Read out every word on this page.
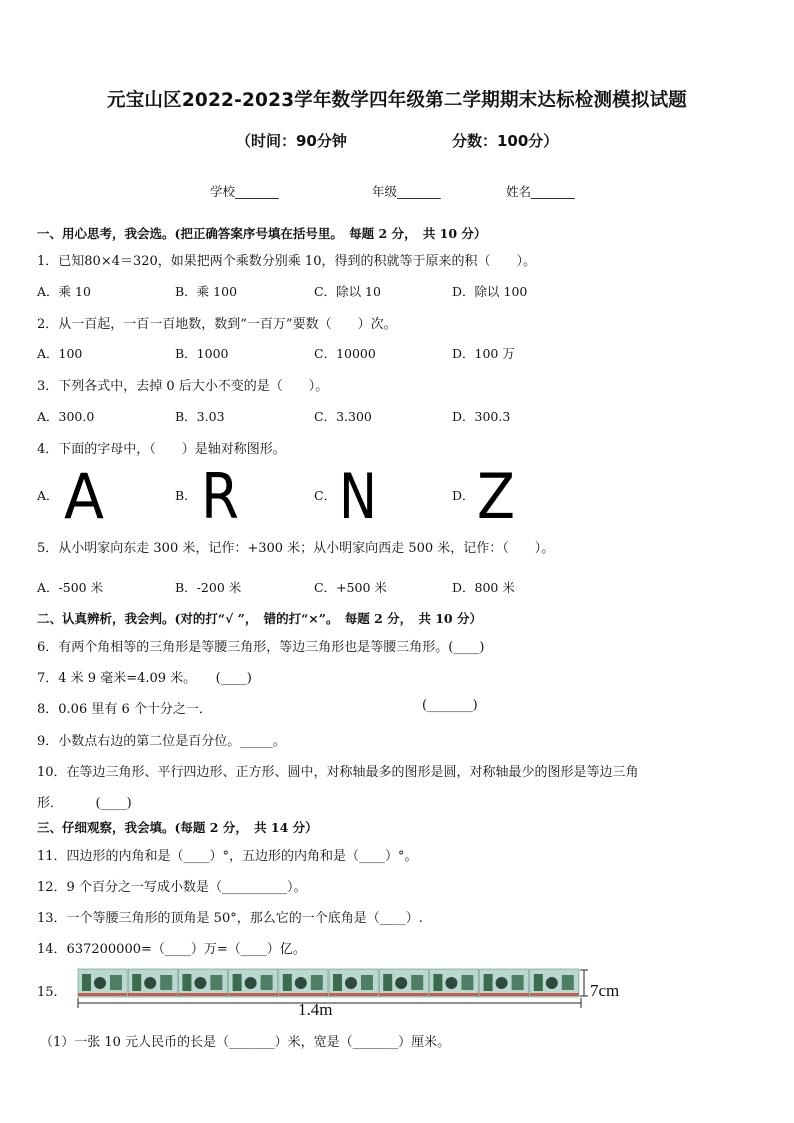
元宝山区2022-2023学年数学四年级第二学期期末达标检测模拟试题
（时间：90分钟	分数：100分）
学校_______	年级_______	姓名_______
一、用心思考，我会选。(把正确答案序号填在括号里。　每题 2 分，　共 10 分）
1．已知80×4＝320，如果把两个乘数分别乘 10，得到的积就等于原来的积（　　）。
A．乘 10	B．乘 100	C．除以 10	D．除以 100
2．从一百起，一百一百地数，数到“一百万”要数（　　）次。
A．100	B．1000	C．10000	D．100 万
3．下列各式中，去掉 0 后大小不变的是（　　）。
A．300.0	B．3.03	C．3.300	D．300.3
4．下面的字母中，（　　）是轴对称图形。
A．	B．	C．	D．
A R N Z
5．从小明家向东走 300 米，记作：+300 米；从小明家向西走 500 米，记作：（　　）。
A．-500 米	B．-200 米	C．+500 米	D．800 米
二、认真辨析，我会判。(对的打“√ ”，　错的打“×”。　每题 2 分，　共 10 分）
6．有两个角相等的三角形是等腰三角形，等边三角形也是等腰三角形。(____)
7．4 米 9 毫米=4.09 米。　　(____)
8．0.06 里有 6 个十分之一．	(_______)
9．小数点右边的第二位是百分位。_____。
10．在等边三角形、平行四边形、正方形、圆中，对称轴最多的图形是圆，对称轴最少的图形是等边三角
形．　　　(____)
三、仔细观察，我会填。(每题 2 分，　共 14 分）
11．四边形的内角和是（____）°，五边形的内角和是（____）°。
12．9 个百分之一写成小数是（__________）。
13．一个等腰三角形的顶角是 50°，那么它的一个底角是（____）.
14．637200000=（____）万=（____）亿。
15.
1.4m
7cm
（1）一张 10 元人民币的长是（_______）米，宽是（_______）厘米。
